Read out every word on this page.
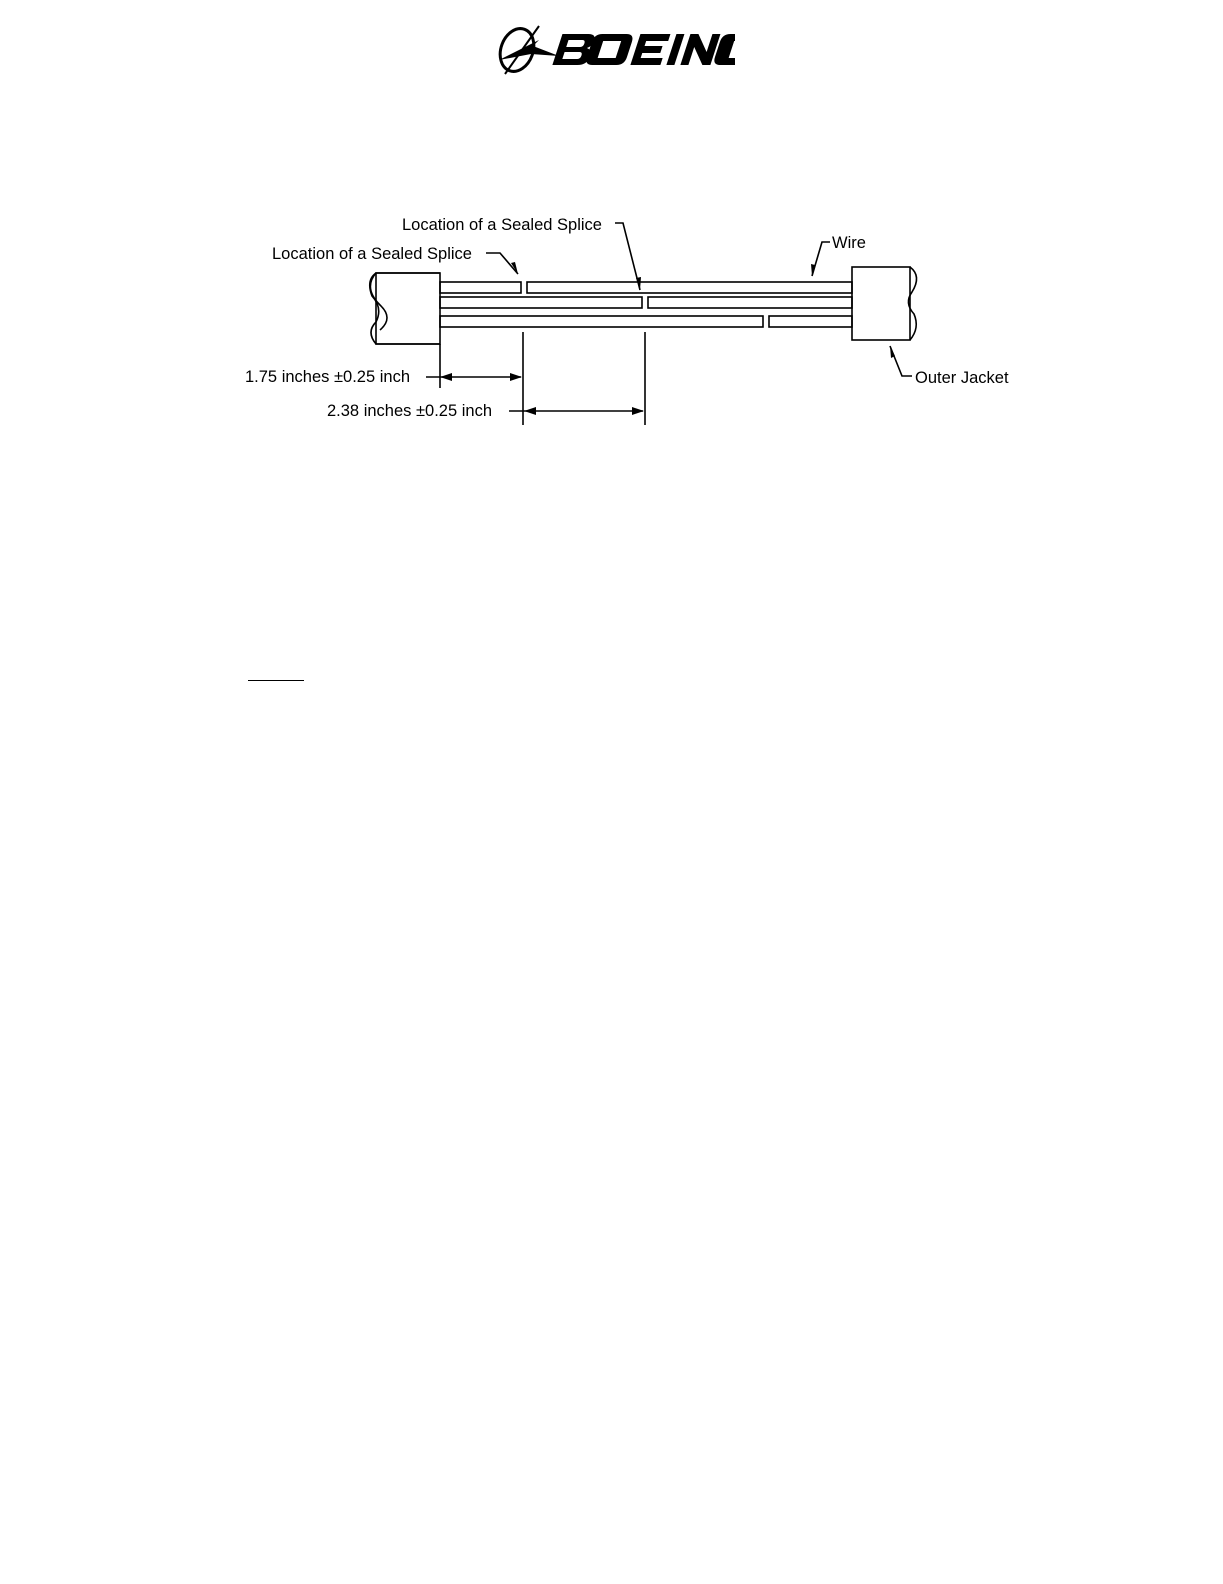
Location of a Sealed Splice
Location of a Sealed Splice
Wire
Outer Jacket
1.75 inches ±0.25 inch
2.38 inches ±0.25 inch
